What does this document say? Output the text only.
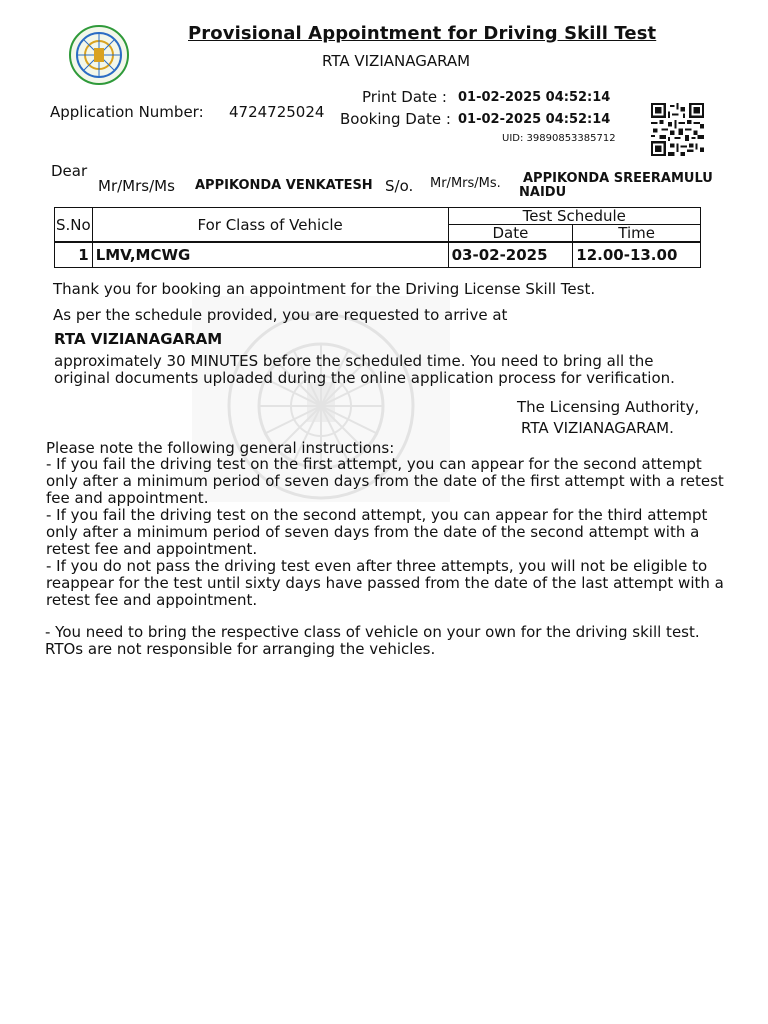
Provisional Appointment for Driving Skill Test
RTA VIZIANAGARAM
Application Number: 4724725024
Print Date : 01-02-2025 04:52:14
Booking Date : 01-02-2025 04:52:14
UID: 39890853385712
Dear
Mr/Mrs/Ms APPIKONDA VENKATESH S/o. Mr/Mrs/Ms. APPIKONDA SREERAMULU
NAIDU
S.No	For Class of Vehicle	Test Schedule	
		Date	Time
1	LMV,MCWG	03-02-2025	12.00-13.00
Thank you for booking an appointment for the Driving License Skill Test.
As per the schedule provided, you are requested to arrive at
RTA VIZIANAGARAM
approximately 30 MINUTES before the scheduled time. You need to bring all the
original documents uploaded during the online application process for verification.
The Licensing Authority,
RTA VIZIANAGARAM.
Please note the following general instructions:
- If you fail the driving test on the first attempt, you can appear for the second attempt only after a minimum period of seven days from the date of the first attempt with a retest fee and appointment.
- If you fail the driving test on the second attempt, you can appear for the third attempt only after a minimum period of seven days from the date of the second attempt with a retest fee and appointment.
- If you do not pass the driving test even after three attempts, you will not be eligible to reappear for the test until sixty days have passed from the date of the last attempt with a retest fee and appointment.
- You need to bring the respective class of vehicle on your own for the driving skill test. RTOs are not responsible for arranging the vehicles.
